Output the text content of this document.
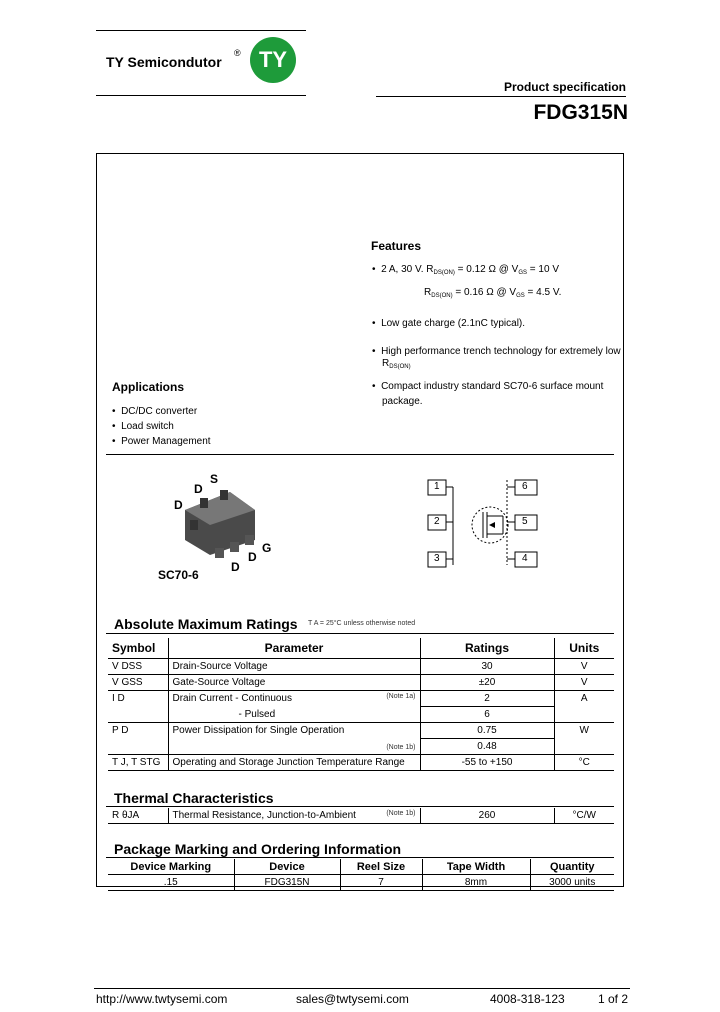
TY Semicondutor
® TY
Product specification
FDG315N
Features
•  2 A, 30 V. $R_{DS(ON)} = 0.12$ Ω @ $V_{GS} = 10$ V
$R_{DS(ON)} = 0.16$ Ω @ $V_{GS} = 4.5$ V.
•  Low gate charge (2.1nC typical).
•  High performance trench technology for extremely low
$R_{DS(ON)}$
•  Compact industry standard SC70-6 surface mount
package.
Applications
•  DC/DC converter
•  Load switch
•  Power Management
D
D
S
G
D
D
SC70-6
1
2
3
6
5
4
Absolute Maximum Ratings T A = 25°C unless otherwise noted
Symbol	Parameter	Ratings	Units
V DSS	Drain-Source Voltage	30	V
V GSS	Gate-Source Voltage	±20	V
I D	Drain Current - Continuous (Note 1a)	2	A
	- Pulsed	6	
P D	Power Dissipation for Single Operation	0.75	W
	(Note 1b)	0.48	
T J, T STG	Operating and Storage Junction Temperature Range	-55 to +150	°C
Thermal Characteristics
R θJA	Thermal Resistance, Junction-to-Ambient	(Note 1b)	260	°C/W
Package Marking and Ordering Information
Device Marking	Device	Reel Size	Tape Width	Quantity
.15	FDG315N	7	8mm	3000 units
http://www.twtysemi.com	sales@twtysemi.com	4008-318-123	1 of 2
